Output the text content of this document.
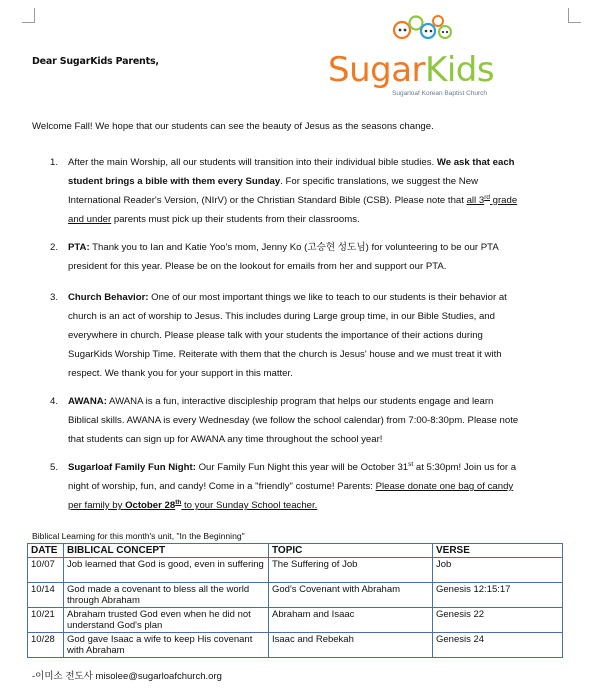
SugarKids
Sugarloaf Korean Baptist Church
Dear SugarKids Parents,
Welcome Fall! We hope that our students can see the beauty of Jesus as the seasons change.
1. After the main Worship, all our students will transition into their individual bible studies. We ask that each
student brings a bible with them every Sunday. For specific translations, we suggest the New
International Reader's Version, (NIrV) or the Christian Standard Bible (CSB). Please note that all 3rd grade
and under parents must pick up their students from their classrooms.
2. PTA: Thank you to Ian and Katie Yoo's mom, Jenny Ko (고승현 성도님) for volunteering to be our PTA
president for this year. Please be on the lookout for emails from her and support our PTA.
3. Church Behavior: One of our most important things we like to teach to our students is their behavior at
church is an act of worship to Jesus. This includes during Large group time, in our Bible Studies, and
everywhere in church. Please please talk with your students the importance of their actions during
SugarKids Worship Time. Reiterate with them that the church is Jesus' house and we must treat it with
respect. We thank you for your support in this matter.
4. AWANA: AWANA is a fun, interactive discipleship program that helps our students engage and learn
Biblical skills. AWANA is every Wednesday (we follow the school calendar) from 7:00-8:30pm. Please note
that students can sign up for AWANA any time throughout the school year!
5. Sugarloaf Family Fun Night: Our Family Fun Night this year will be October 31st at 5:30pm! Join us for a
night of worship, fun, and candy! Come in a "friendly" costume! Parents: Please donate one bag of candy
per family by October 28th to your Sunday School teacher.
Biblical Learning for this month's unit, "In the Beginning"
DATE	BIBLICAL CONCEPT	TOPIC	VERSE
10/07	Job learned that God is good, even in suffering	The Suffering of Job	Job
10/14	God made a covenant to bless all the world through Abraham	God's Covenant with Abraham	Genesis 12:15:17
10/21	Abraham trusted God even when he did not understand God's plan	Abraham and Isaac	Genesis 22
10/28	God gave Isaac a wife to keep His covenant with Abraham	Isaac and Rebekah	Genesis 24
-이미소 전도사 misolee@sugarloafchurch.org
